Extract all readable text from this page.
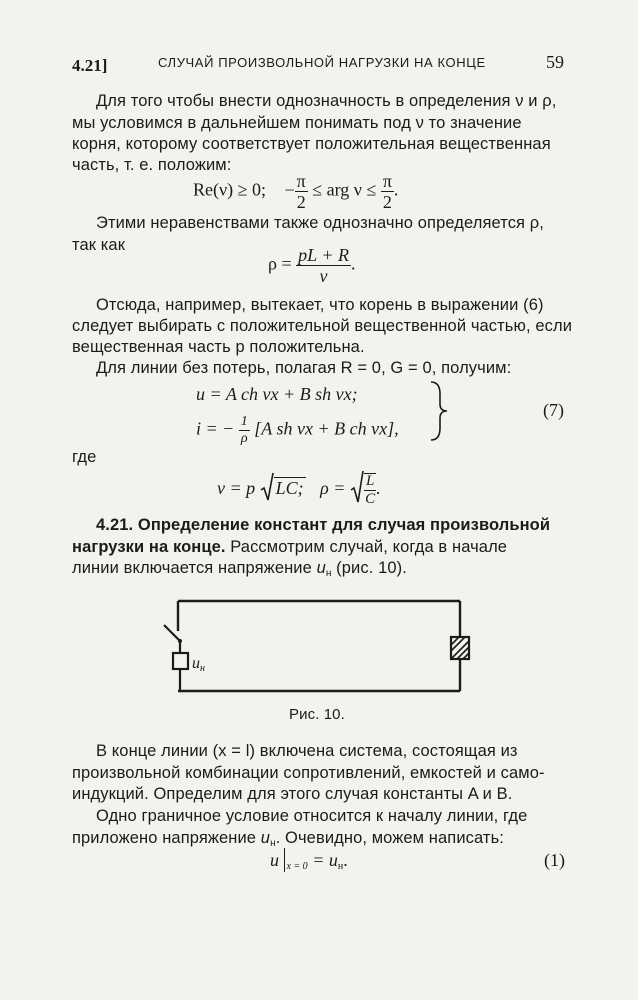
4.21]	СЛУЧАЙ ПРОИЗВОЛЬНОЙ НАГРУЗКИ НА КОНЦЕ	59
Для того чтобы внести однозначность в определения ν и ρ,
мы условимся в дальнейшем понимать под ν то значение
корня, которому соответствует положительная вещественная
часть, т. е. положим:
Re(ν) ≥ 0; − $\frac{\pi}{2}$ ≤ arg $\nu \le \frac{\pi}{2}$ .
Этими неравенствами также однозначно определяется ρ,
так как
$\rho = \frac{pL + R}{\nu}$ .
Отсюда, например, вытекает, что корень в выражении (6)
следует выбирать с положительной вещественной частью, если
вещественная часть p положительна.
Для линии без потерь, полагая R = 0, G = 0, получим:
u = A ch νx + B sh νx;
i = − $\frac{1}{\rho} [A$ sh νx + B ch νx],
(7)
где
ν = p LC; $\rho = \frac{L}{C}$ .
4.21. Определение констант для случая произвольной
нагрузки на конце. Рассмотрим случай, когда в начале
линии включается напряжение $u_н$ (рис. 10).
$u_н$
Рис. 10.
В конце линии (x = l) включена система, состоящая из
произвольной комбинации сопротивлений, емкостей и само-
индукций. Определим для этого случая константы A и B.
Одно граничное условие относится к началу линии, где
приложено напряжение $u_н$. Очевидно, можем написать:
u $_{x = 0} = u_н$.	(1)
